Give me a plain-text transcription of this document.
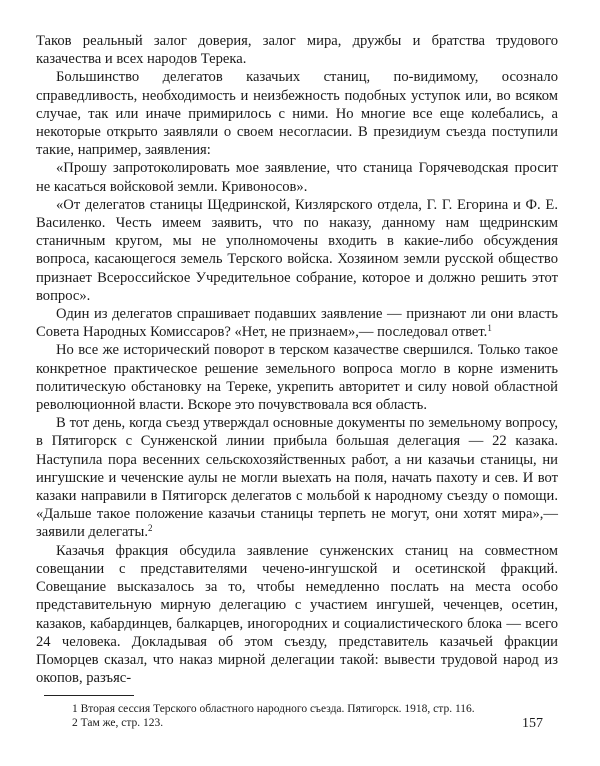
Таков реальный залог доверия, залог мира, дружбы и братства трудового казачества и всех народов Терека.

Большинство делегатов казачьих станиц, по-видимому, осознало справедливость, необходимость и неизбежность подобных уступок или, во всяком случае, так или иначе примирилось с ними. Но многие все еще колебались, а некоторые открыто заявляли о своем несогласии. В президиум съезда поступили такие, например, заявления:

«Прошу запротоколировать мое заявление, что станица Горячеводская просит не касаться войсковой земли. Кривоносов».

«От делегатов станицы Щедринской, Кизлярского отдела, Г. Г. Егорина и Ф. Е. Василенко. Честь имеем заявить, что по наказу, данному нам щедринским станичным кругом, мы не уполномочены входить в какие-либо обсуждения вопроса, касающегося земель Терского войска. Хозяином земли русской общество признает Всероссийское Учредительное собрание, которое и должно решить этот вопрос».

Один из делегатов спрашивает подавших заявление — признают ли они власть Совета Народных Комиссаров? «Нет, не признаем»,— последовал ответ.$^1$

Но все же исторический поворот в терском казачестве свершился. Только такое конкретное практическое решение земельного вопроса могло в корне изменить политическую обстановку на Тереке, укрепить авторитет и силу новой областной революционной власти. Вскоре это почувствовала вся область.

В тот день, когда съезд утверждал основные документы по земельному вопросу, в Пятигорск с Сунженской линии прибыла большая делегация — 22 казака. Наступила пора весенних сельскохозяйственных работ, а ни казачьи станицы, ни ингушские и чеченские аулы не могли выехать на поля, начать пахоту и сев. И вот казаки направили в Пятигорск делегатов с мольбой к народному съезду о помощи. «Дальше такое положение казачьи станицы терпеть не могут, они хотят мира»,— заявили делегаты.$^2$

Казачья фракция обсудила заявление сунженских станиц на совместном совещании с представителями чечено-ингушской и осетинской фракций. Совещание высказалось за то, чтобы немедленно послать на места особо представительную мирную делегацию с участием ингушей, чеченцев, осетин, казаков, кабардинцев, балкарцев, иногородних и социалистического блока — всего 24 человека. Докладывая об этом съезду, представитель казачьей фракции Поморцев сказал, что наказ мирной делегации такой: вывести трудовой народ из окопов, разъяс-

1 Вторая сессия Терского областного народного съезда. Пятигорск. 1918, стр. 116.
2 Там же, стр. 123.	157
